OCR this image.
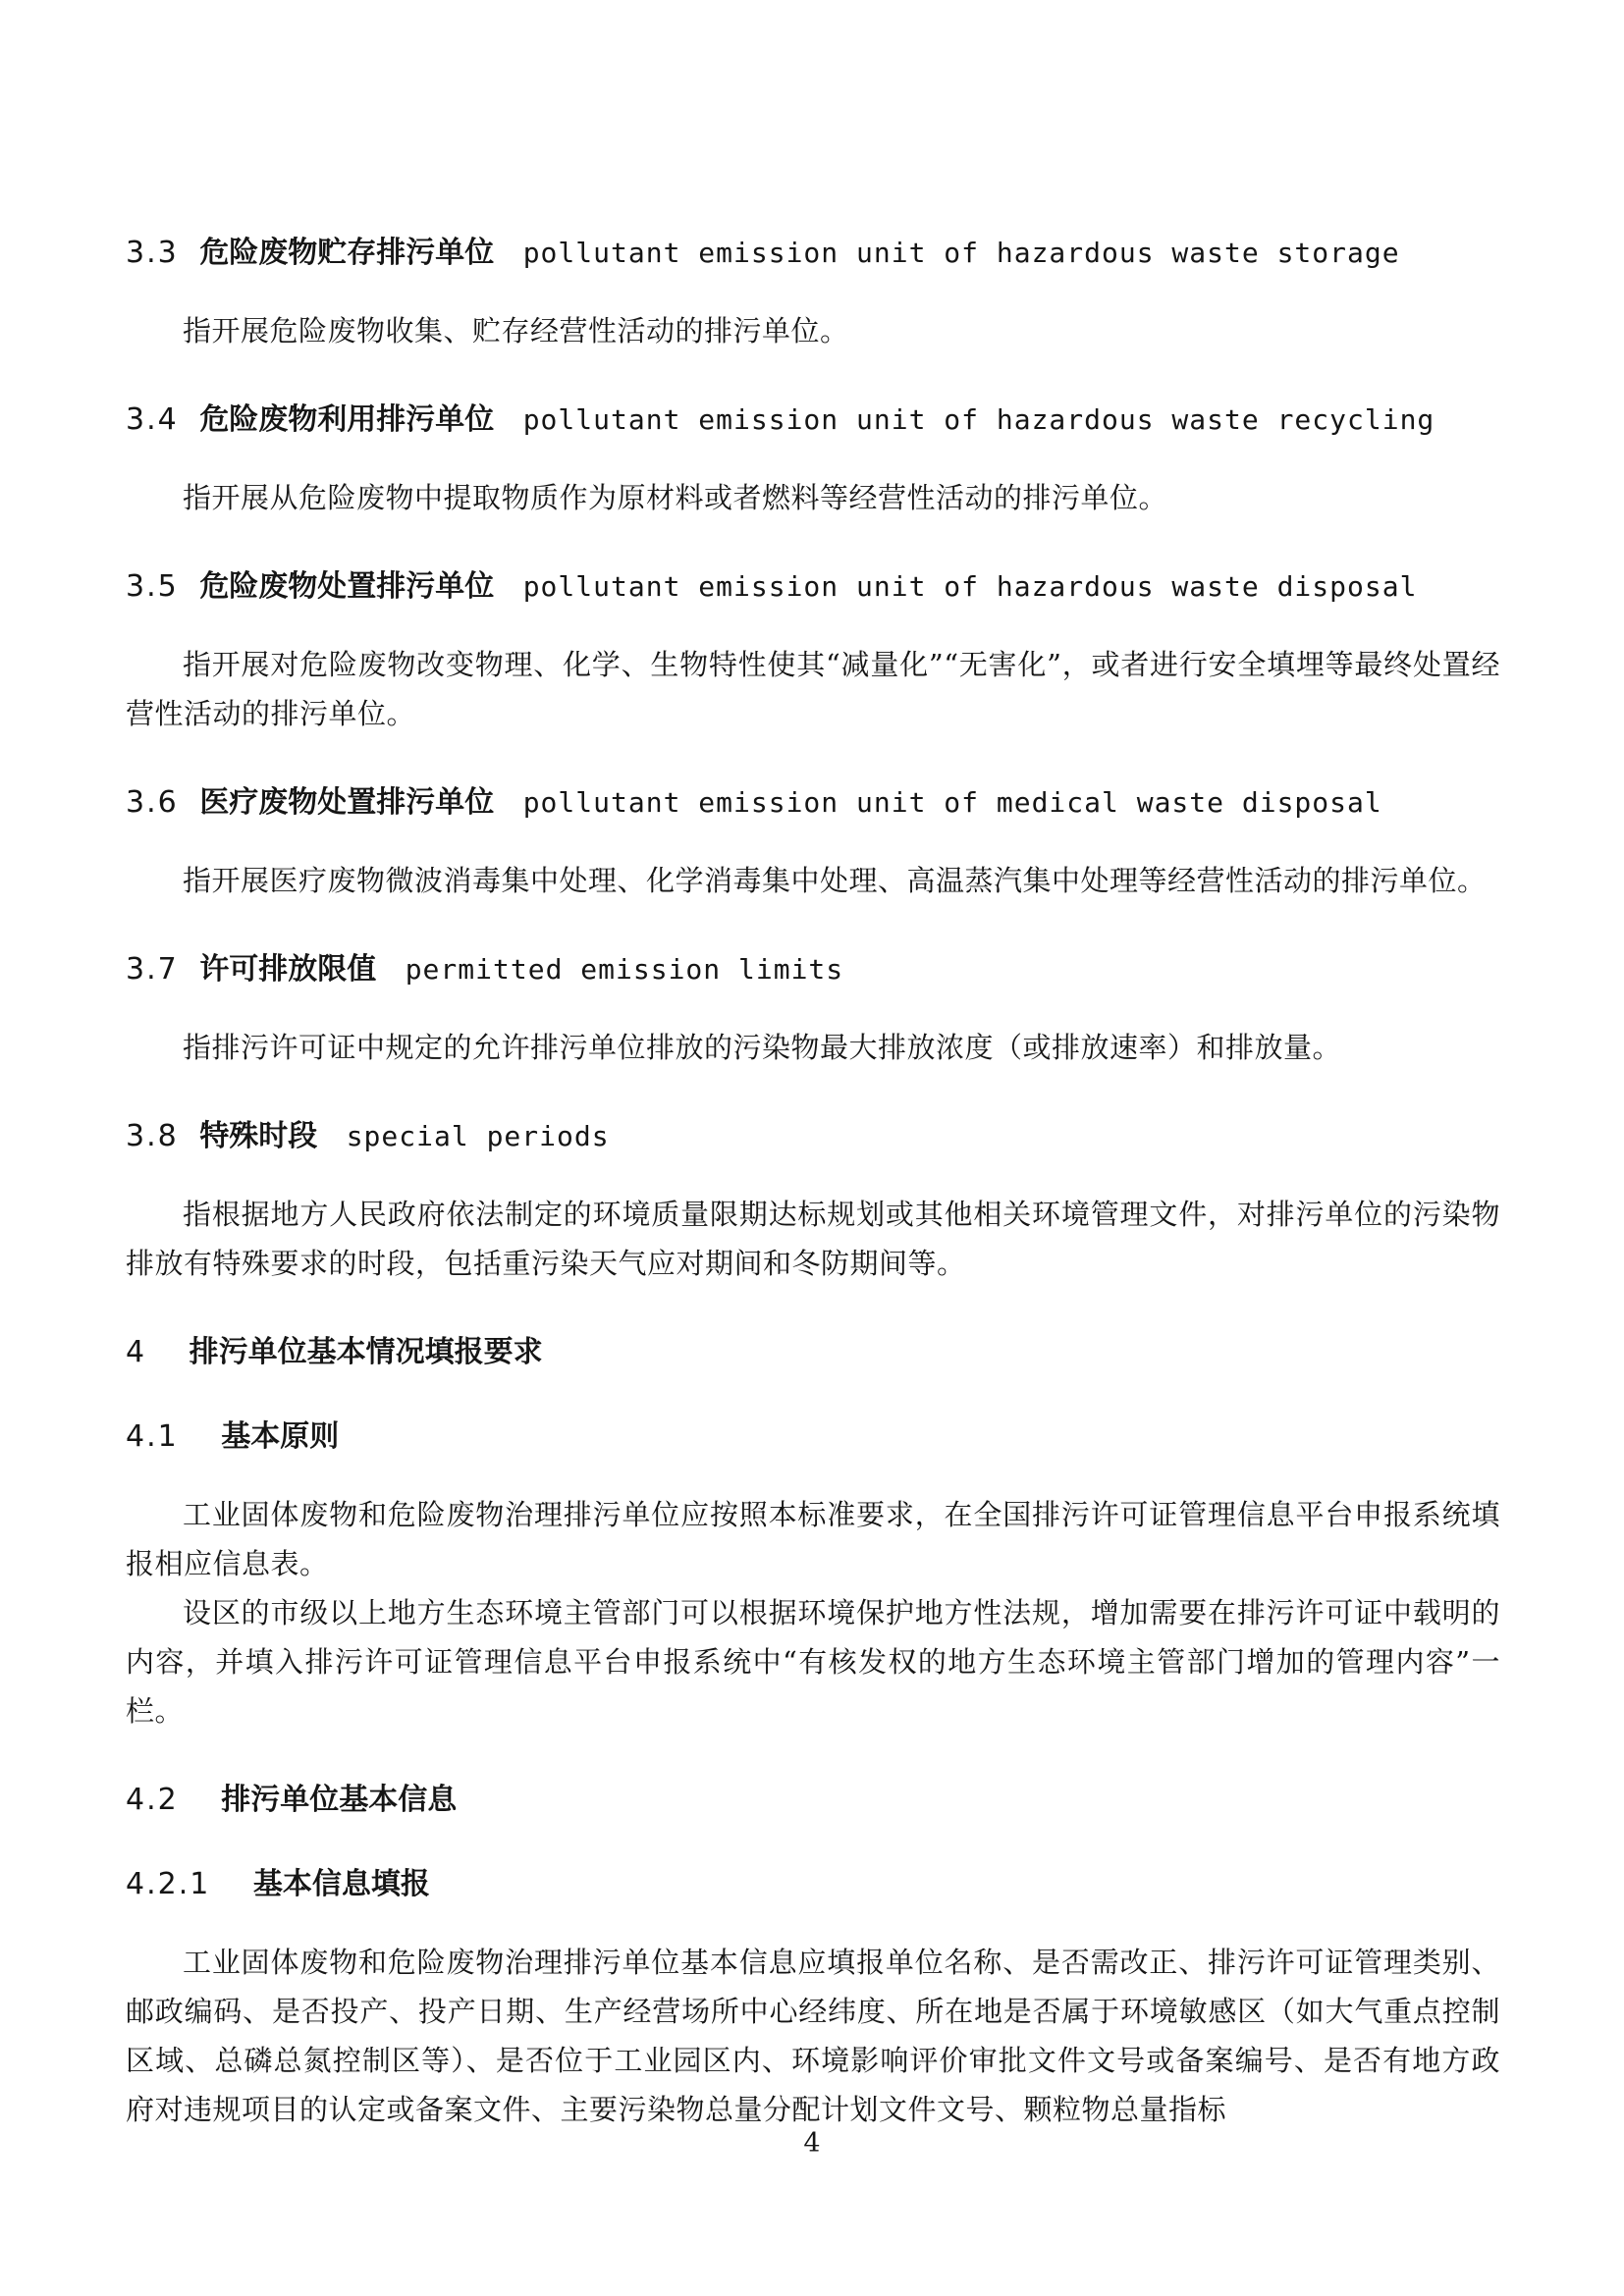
3.3 危险废物贮存排污单位 pollutant emission unit of hazardous waste storage

指开展危险废物收集、贮存经营性活动的排污单位。

3.4 危险废物利用排污单位 pollutant emission unit of hazardous waste recycling

指开展从危险废物中提取物质作为原材料或者燃料等经营性活动的排污单位。

3.5 危险废物处置排污单位 pollutant emission unit of hazardous waste disposal

指开展对危险废物改变物理、化学、生物特性使其“减量化”“无害化”，或者进行安全填埋等最终处置经营性活动的排污单位。

3.6 医疗废物处置排污单位 pollutant emission unit of medical waste disposal

指开展医疗废物微波消毒集中处理、化学消毒集中处理、高温蒸汽集中处理等经营性活动的排污单位。

3.7 许可排放限值 permitted emission limits

指排污许可证中规定的允许排污单位排放的污染物最大排放浓度（或排放速率）和排放量。

3.8 特殊时段 special periods

指根据地方人民政府依法制定的环境质量限期达标规划或其他相关环境管理文件，对排污单位的污染物排放有特殊要求的时段，包括重污染天气应对期间和冬防期间等。

4 排污单位基本情况填报要求
4.1 基本原则

工业固体废物和危险废物治理排污单位应按照本标准要求，在全国排污许可证管理信息平台申报系统填报相应信息表。

设区的市级以上地方生态环境主管部门可以根据环境保护地方性法规，增加需要在排污许可证中载明的内容，并填入排污许可证管理信息平台申报系统中“有核发权的地方生态环境主管部门增加的管理内容”一栏。

4.2 排污单位基本信息
4.2.1 基本信息填报

工业固体废物和危险废物治理排污单位基本信息应填报单位名称、是否需改正、排污许可证管理类别、邮政编码、是否投产、投产日期、生产经营场所中心经纬度、所在地是否属于环境敏感区（如大气重点控制区域、总磷总氮控制区等）、是否位于工业园区内、环境影响评价审批文件文号或备案编号、是否有地方政府对违规项目的认定或备案文件、主要污染物总量分配计划文件文号、颗粒物总量指标

4
